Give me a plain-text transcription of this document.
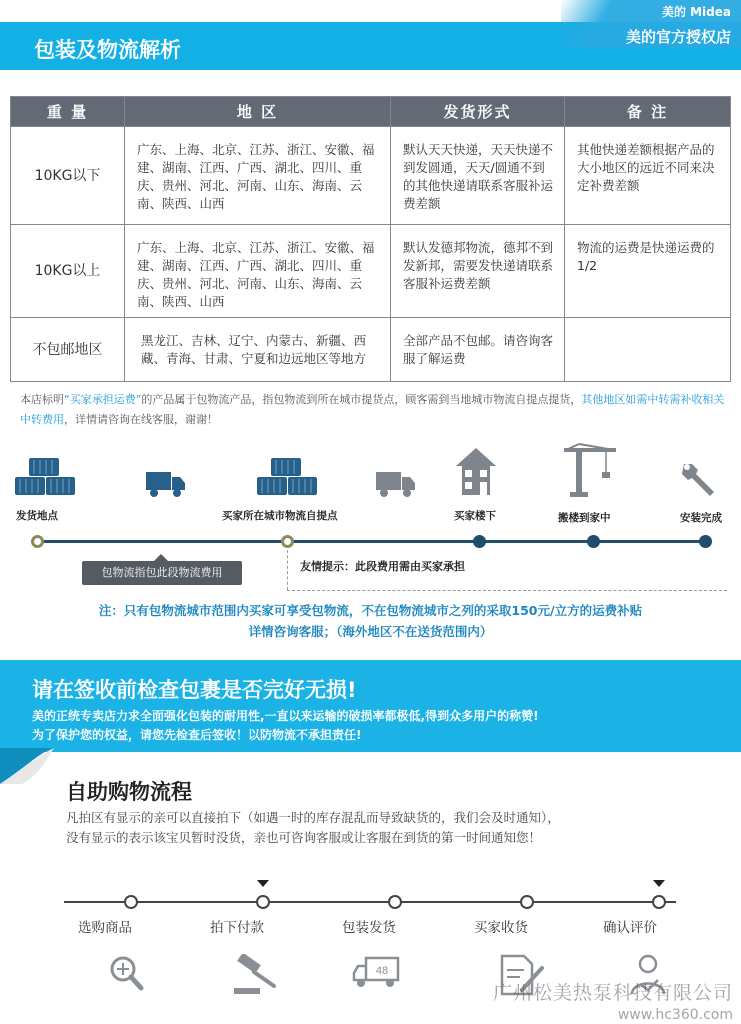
包装及物流解析
美的 Midea
美的官方授权店
重 量	地 区	发货形式	备 注
10KG以下	广东、上海、北京、江苏、浙江、安徽、福建、湖南、江西、广西、湖北、四川、重庆、贵州、河北、河南、山东、海南、云南、陕西、山西	默认天天快递，天天快递不到发圆通，天天/圆通不到的其他快递请联系客服补运费差额	其他快递差额根据产品的大小地区的远近不同来决定补费差额
10KG以上	广东、上海、北京、江苏、浙江、安徽、福建、湖南、江西、广西、湖北、四川、重庆、贵州、河北、河南、山东、海南、云南、陕西、山西	默认发德邦物流，德邦不到发新邦，需要发快递请联系客服补运费差额	物流的运费是快递运费的1/2
不包邮地区	黑龙江、吉林、辽宁、内蒙古、新疆、西藏、青海、甘肃、宁夏和边远地区等地方	全部产品不包邮。请咨询客服了解运费	
本店标明“买家承担运费”的产品属于包物流产品，指包物流到所在城市提货点，顾客需到当地城市物流自提点提货，其他地区如需中转需补收相关中转费用，详情请咨询在线客服，谢谢！
发货地点	买家所在城市物流自提点	买家楼下	搬楼到家中	安装完成
包物流指包此段物流费用	友情提示：此段费用需由买家承担
注：只有包物流城市范围内买家可享受包物流，不在包物流城市之列的采取150元/立方的运费补贴
详情咨询客服；（海外地区不在送货范围内）
请在签收前检查包裹是否完好无损!
美的正统专卖店力求全面强化包装的耐用性,一直以来运输的破损率都极低,得到众多用户的称赞!
为了保护您的权益，请您先检查后签收！以防物流不承担责任!
自助购物流程
凡拍区有显示的亲可以直接拍下（如遇一时的库存混乱而导致缺货的，我们会及时通知），
没有显示的表示该宝贝暂时没货，亲也可咨询客服或让客服在到货的第一时间通知您！
选购商品	拍下付款	包装发货	买家收货	确认评价
48
广州松美热泵科技有限公司
www.hc360.com
